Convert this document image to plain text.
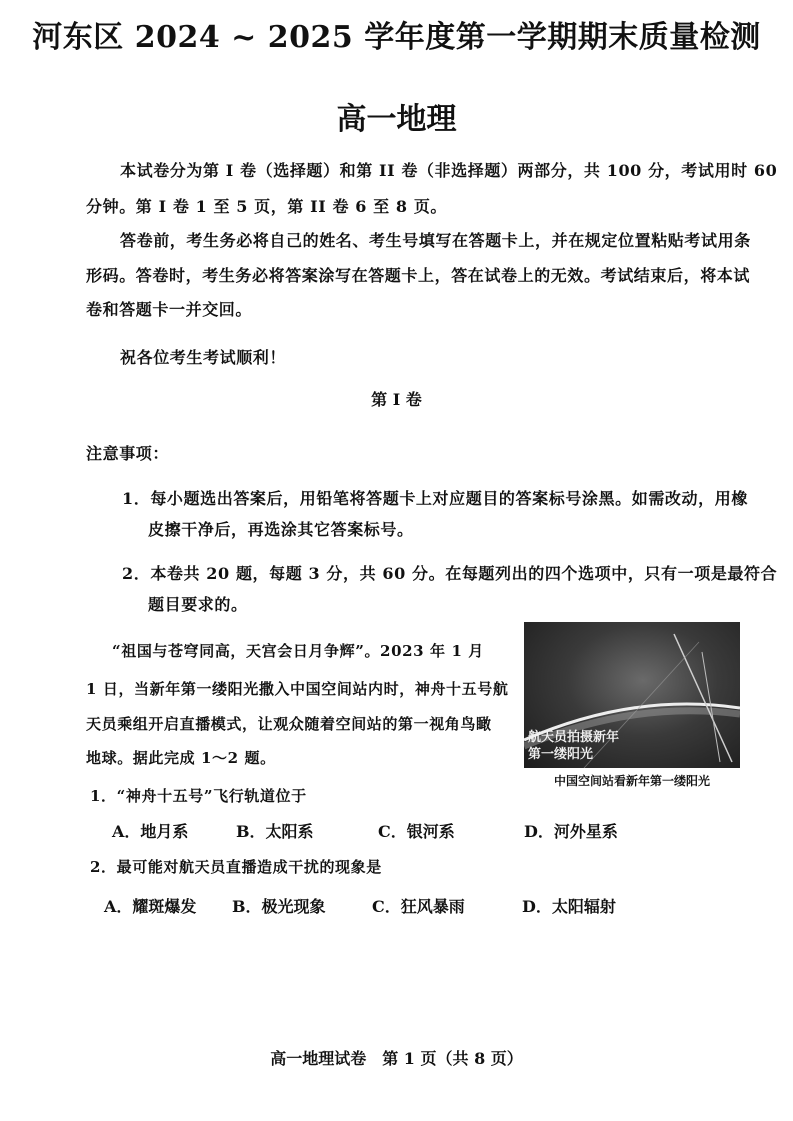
河东区 2024 ~ 2025 学年度第一学期期末质量检测
高一地理
本试卷分为第 I 卷（选择题）和第 II 卷（非选择题）两部分，共 100 分，考试用时 60
分钟。第 I 卷 1 至 5 页，第 II 卷 6 至 8 页。
答卷前，考生务必将自己的姓名、考生号填写在答题卡上，并在规定位置粘贴考试用条
形码。答卷时，考生务必将答案涂写在答题卡上，答在试卷上的无效。考试结束后，将本试
卷和答题卡一并交回。
祝各位考生考试顺利！
第 I 卷
注意事项：
1．每小题选出答案后，用铅笔将答题卡上对应题目的答案标号涂黑。如需改动，用橡
皮擦干净后，再选涂其它答案标号。
2．本卷共 20 题，每题 3 分，共 60 分。在每题列出的四个选项中，只有一项是最符合
题目要求的。
“祖国与苍穹同高，天宫会日月争辉”。2023 年 1 月
1 日，当新年第一缕阳光撒入中国空间站内时，神舟十五号航
天员乘组开启直播模式，让观众随着空间站的第一视角鸟瞰
地球。据此完成 1～2 题。
航天员拍摄新年
第一缕阳光
中国空间站看新年第一缕阳光
1．“神舟十五号”飞行轨道位于
A．地月系	B．太阳系	C．银河系	D．河外星系
2．最可能对航天员直播造成干扰的现象是
A．耀斑爆发 B．极光现象	C．狂风暴雨	D．太阳辐射
高一地理试卷　第 1 页（共 8 页）
